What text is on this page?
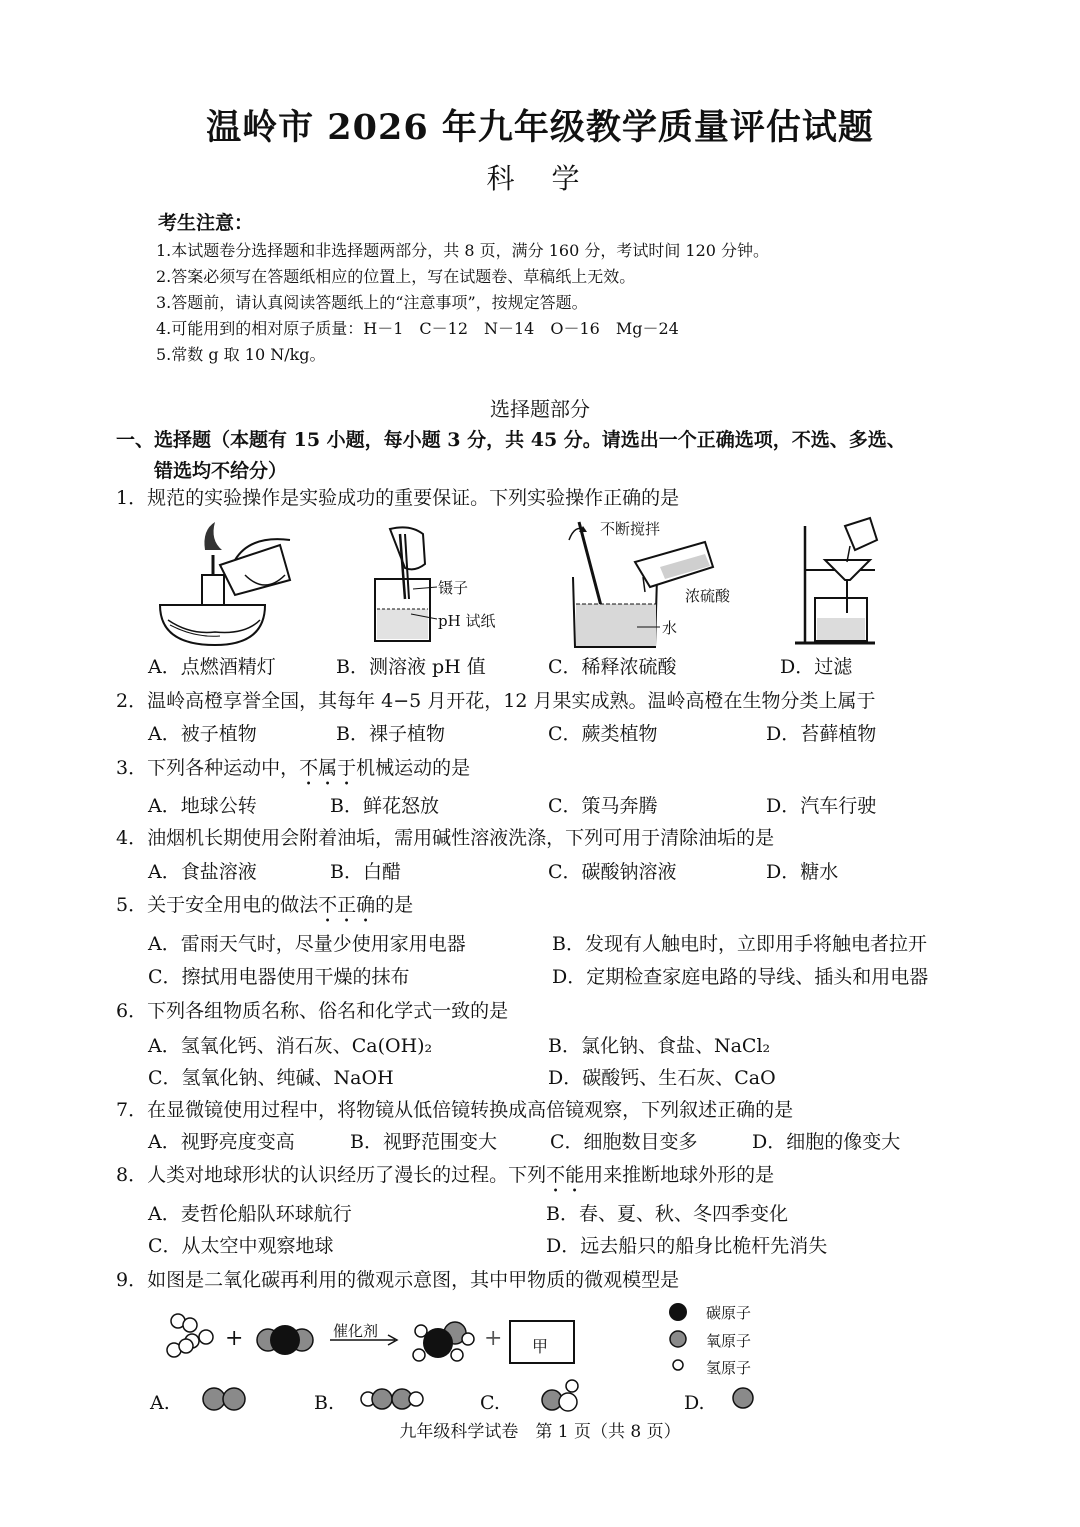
温岭市 2026 年九年级教学质量评估试题
科 学
考生注意：
1.本试题卷分选择题和非选择题两部分，共 8 页，满分 160 分，考试时间 120 分钟。
2.答案必须写在答题纸相应的位置上，写在试题卷、草稿纸上无效。
3.答题前，请认真阅读答题纸上的“注意事项”，按规定答题。
4.可能用到的相对原子质量：H－1　C－12　N－14　O－16　Mg－24
5.常数 g 取 10 N/kg。
选择题部分
一、选择题（本题有 15 小题，每小题 3 分，共 45 分。请选出一个正确选项，不选、多选、
错选均不给分）
1．规范的实验操作是实验成功的重要保证。下列实验操作正确的是
镊子
pH 试纸
不断搅拌
浓硫酸
水
A．点燃酒精灯	B．测溶液 pH 值	C．稀释浓硫酸	D．过滤
2．温岭高橙享誉全国，其每年 4−5 月开花，12 月果实成熟。温岭高橙在生物分类上属于
A．被子植物	B．裸子植物	C．蕨类植物	D．苔藓植物
3．下列各种运动中，不属于机械运动的是
A．地球公转	B．鲜花怒放	C．策马奔腾	D．汽车行驶
4．油烟机长期使用会附着油垢，需用碱性溶液洗涤，下列可用于清除油垢的是
A．食盐溶液	B．白醋	C．碳酸钠溶液	D．糖水
5．关于安全用电的做法不正确的是
A．雷雨天气时，尽量少使用家用电器	B．发现有人触电时，立即用手将触电者拉开
C．擦拭用电器使用干燥的抹布	D．定期检查家庭电路的导线、插头和用电器
6．下列各组物质名称、俗名和化学式一致的是
A．氢氧化钙、消石灰、Ca(OH)₂	B．氯化钠、食盐、NaCl₂
C．氢氧化钠、纯碱、NaOH	D．碳酸钙、生石灰、CaO
7．在显微镜使用过程中，将物镜从低倍镜转换成高倍镜观察，下列叙述正确的是
A．视野亮度变高	B．视野范围变大	C．细胞数目变多	D．细胞的像变大
8．人类对地球形状的认识经历了漫长的过程。下列不能用来推断地球外形的是
A．麦哲伦船队环球航行	B．春、夏、秋、冬四季变化
C．从太空中观察地球	D．远去船只的船身比桅杆先消失
9．如图是二氧化碳再利用的微观示意图，其中甲物质的微观模型是
+	+
催化剂
甲
碳原子
氧原子
氢原子
A.	B.	C.	D.
九年级科学试卷　第 1 页（共 8 页）
